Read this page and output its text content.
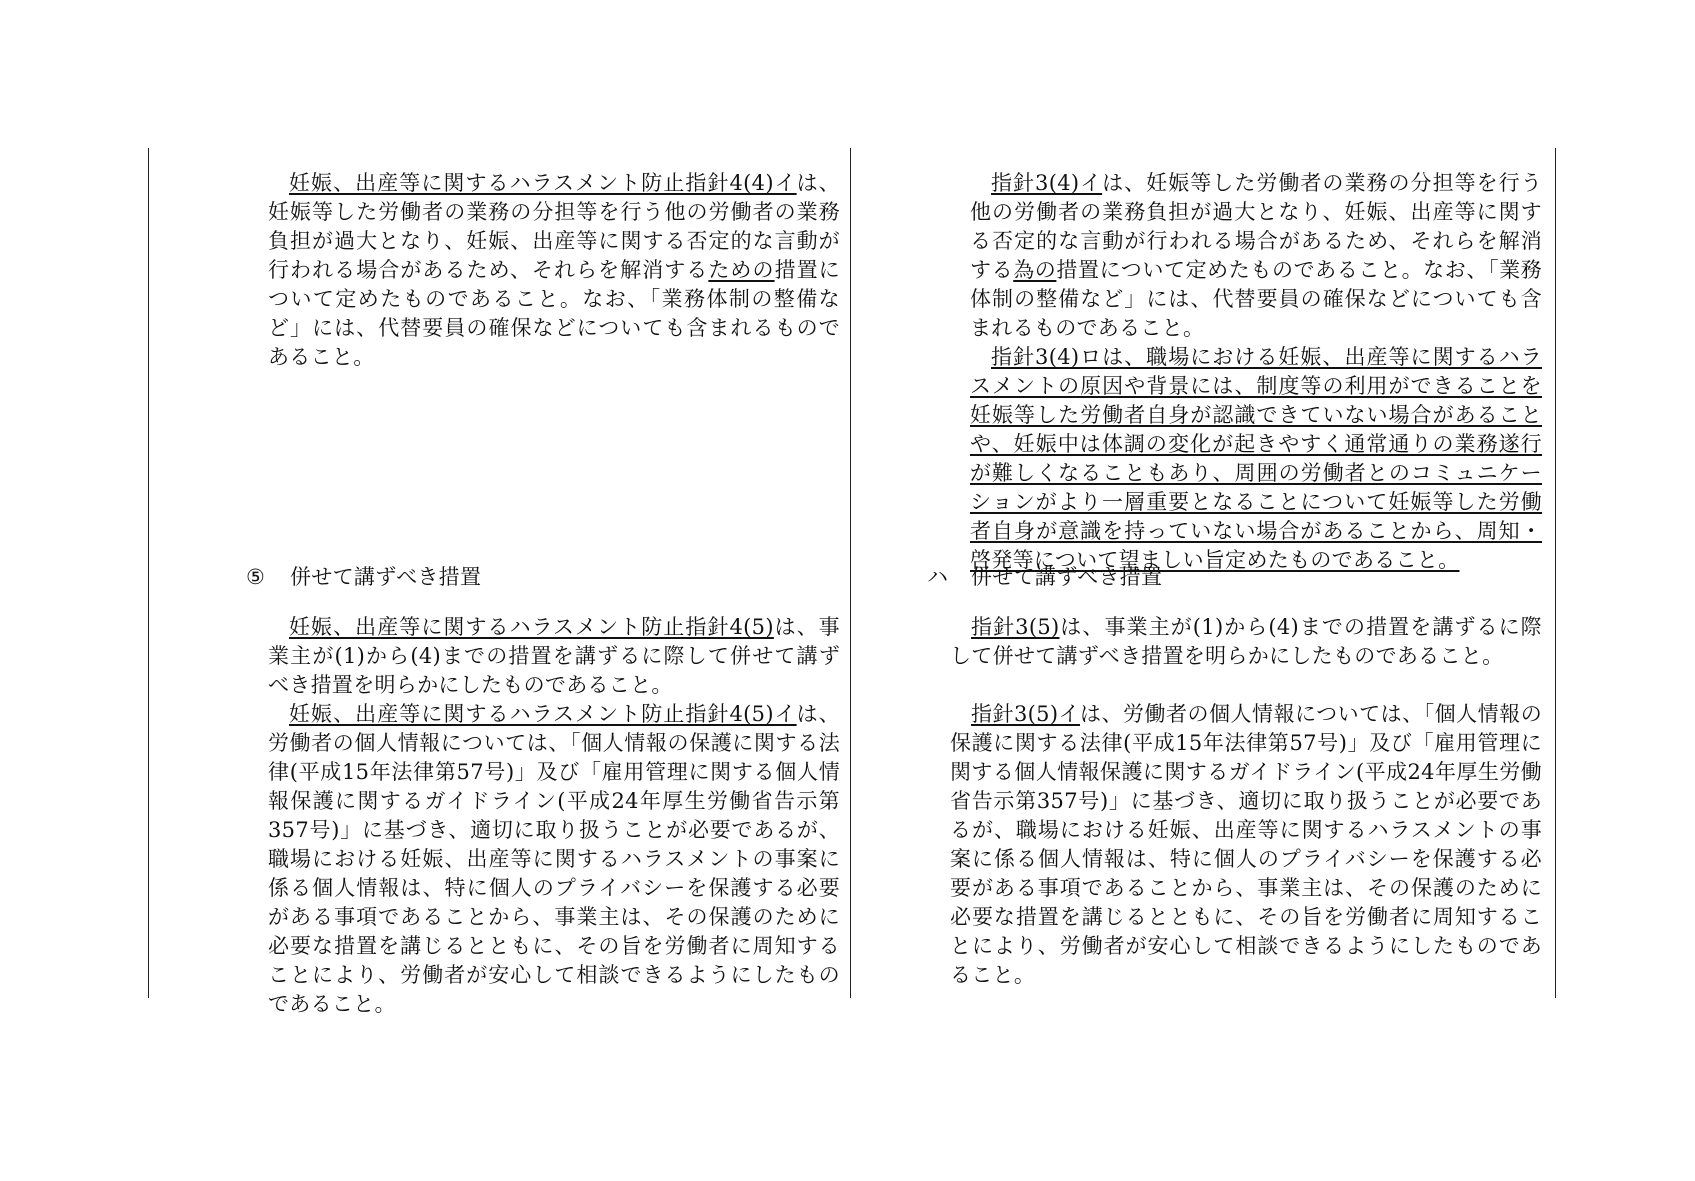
妊娠、出産等に関するハラスメント防止指針4(4)イは、妊娠等した労働者の業務の分担等を行う他の労働者の業務負担が過大となり、妊娠、出産等に関する否定的な言動が行われる場合があるため、それらを解消するための措置について定めたものであること。なお、「業務体制の整備など」には、代替要員の確保などについても含まれるものであること。

⑤ 併せて講ずべき措置

妊娠、出産等に関するハラスメント防止指針4(5)は、事業主が(1)から(4)までの措置を講ずるに際して併せて講ずべき措置を明らかにしたものであること。

妊娠、出産等に関するハラスメント防止指針4(5)イは、労働者の個人情報については、「個人情報の保護に関する法律(平成15年法律第57号)」及び「雇用管理に関する個人情報保護に関するガイドライン(平成24年厚生労働省告示第357号)」に基づき、適切に取り扱うことが必要であるが、職場における妊娠、出産等に関するハラスメントの事案に係る個人情報は、特に個人のプライバシーを保護する必要がある事項であることから、事業主は、その保護のために必要な措置を講じるとともに、その旨を労働者に周知することにより、労働者が安心して相談できるようにしたものであること。

指針3(4)イは、妊娠等した労働者の業務の分担等を行う他の労働者の業務負担が過大となり、妊娠、出産等に関する否定的な言動が行われる場合があるため、それらを解消する為の措置について定めたものであること。なお、「業務体制の整備など」には、代替要員の確保などについても含まれるものであること。

指針3(4)ロは、職場における妊娠、出産等に関するハラスメントの原因や背景には、制度等の利用ができることを妊娠等した労働者自身が認識できていない場合があることや、妊娠中は体調の変化が起きやすく通常通りの業務遂行が難しくなることもあり、周囲の労働者とのコミュニケーションがより一層重要となることについて妊娠等した労働者自身が意識を持っていない場合があることから、周知・啓発等について望ましい旨定めたものであること。

ハ 併せて講ずべき措置

指針3(5)は、事業主が(1)から(4)までの措置を講ずるに際して併せて講ずべき措置を明らかにしたものであること。

指針3(5)イは、労働者の個人情報については、「個人情報の保護に関する法律(平成15年法律第57号)」及び「雇用管理に関する個人情報保護に関するガイドライン(平成24年厚生労働省告示第357号)」に基づき、適切に取り扱うことが必要であるが、職場における妊娠、出産等に関するハラスメントの事案に係る個人情報は、特に個人のプライバシーを保護する必要がある事項であることから、事業主は、その保護のために必要な措置を講じるとともに、その旨を労働者に周知することにより、労働者が安心して相談できるようにしたものであること。
